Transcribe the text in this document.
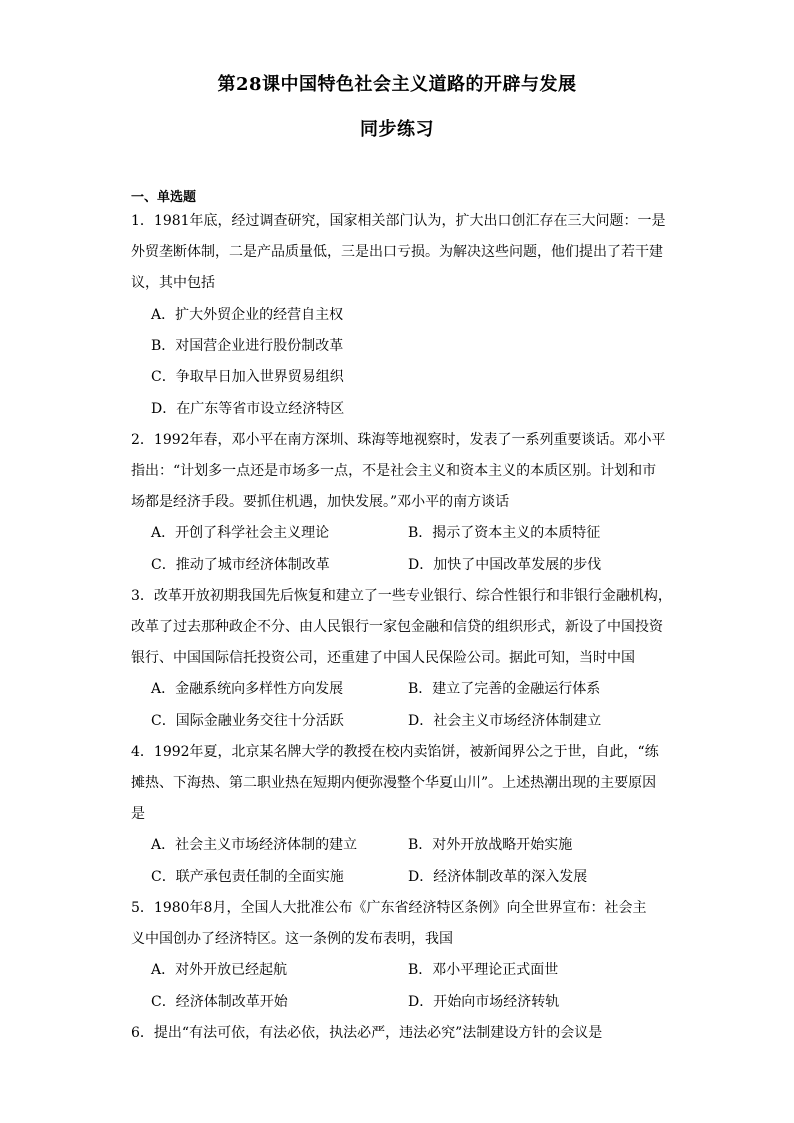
第28课中国特色社会主义道路的开辟与发展
同步练习
一、单选题
1．1981年底，经过调查研究，国家相关部门认为，扩大出口创汇存在三大问题：一是
外贸垄断体制，二是产品质量低，三是出口亏损。为解决这些问题，他们提出了若干建
议，其中包括
A．扩大外贸企业的经营自主权
B．对国营企业进行股份制改革
C．争取早日加入世界贸易组织
D．在广东等省市设立经济特区
2．1992年春，邓小平在南方深圳、珠海等地视察时，发表了一系列重要谈话。邓小平
指出：“计划多一点还是市场多一点，不是社会主义和资本主义的本质区别。计划和市
场都是经济手段。要抓住机遇，加快发展。”邓小平的南方谈话
A．开创了科学社会主义理论	B．揭示了资本主义的本质特征
C．推动了城市经济体制改革	D．加快了中国改革发展的步伐
3．改革开放初期我国先后恢复和建立了一些专业银行、综合性银行和非银行金融机构，
改革了过去那种政企不分、由人民银行一家包金融和信贷的组织形式，新设了中国投资
银行、中国国际信托投资公司，还重建了中国人民保险公司。据此可知，当时中国
A．金融系统向多样性方向发展	B．建立了完善的金融运行体系
C．国际金融业务交往十分活跃	D．社会主义市场经济体制建立
4．1992年夏，北京某名牌大学的教授在校内卖馅饼，被新闻界公之于世，自此，“练
摊热、下海热、第二职业热在短期内便弥漫整个华夏山川”。上述热潮出现的主要原因
是
A．社会主义市场经济体制的建立	B．对外开放战略开始实施
C．联产承包责任制的全面实施	D．经济体制改革的深入发展
5．1980年8月，全国人大批准公布《广东省经济特区条例》向全世界宣布：社会主
义中国创办了经济特区。这一条例的发布表明，我国
A．对外开放已经起航	B．邓小平理论正式面世
C．经济体制改革开始	D．开始向市场经济转轨
6．提出“有法可依，有法必依，执法必严，违法必究”法制建设方针的会议是
